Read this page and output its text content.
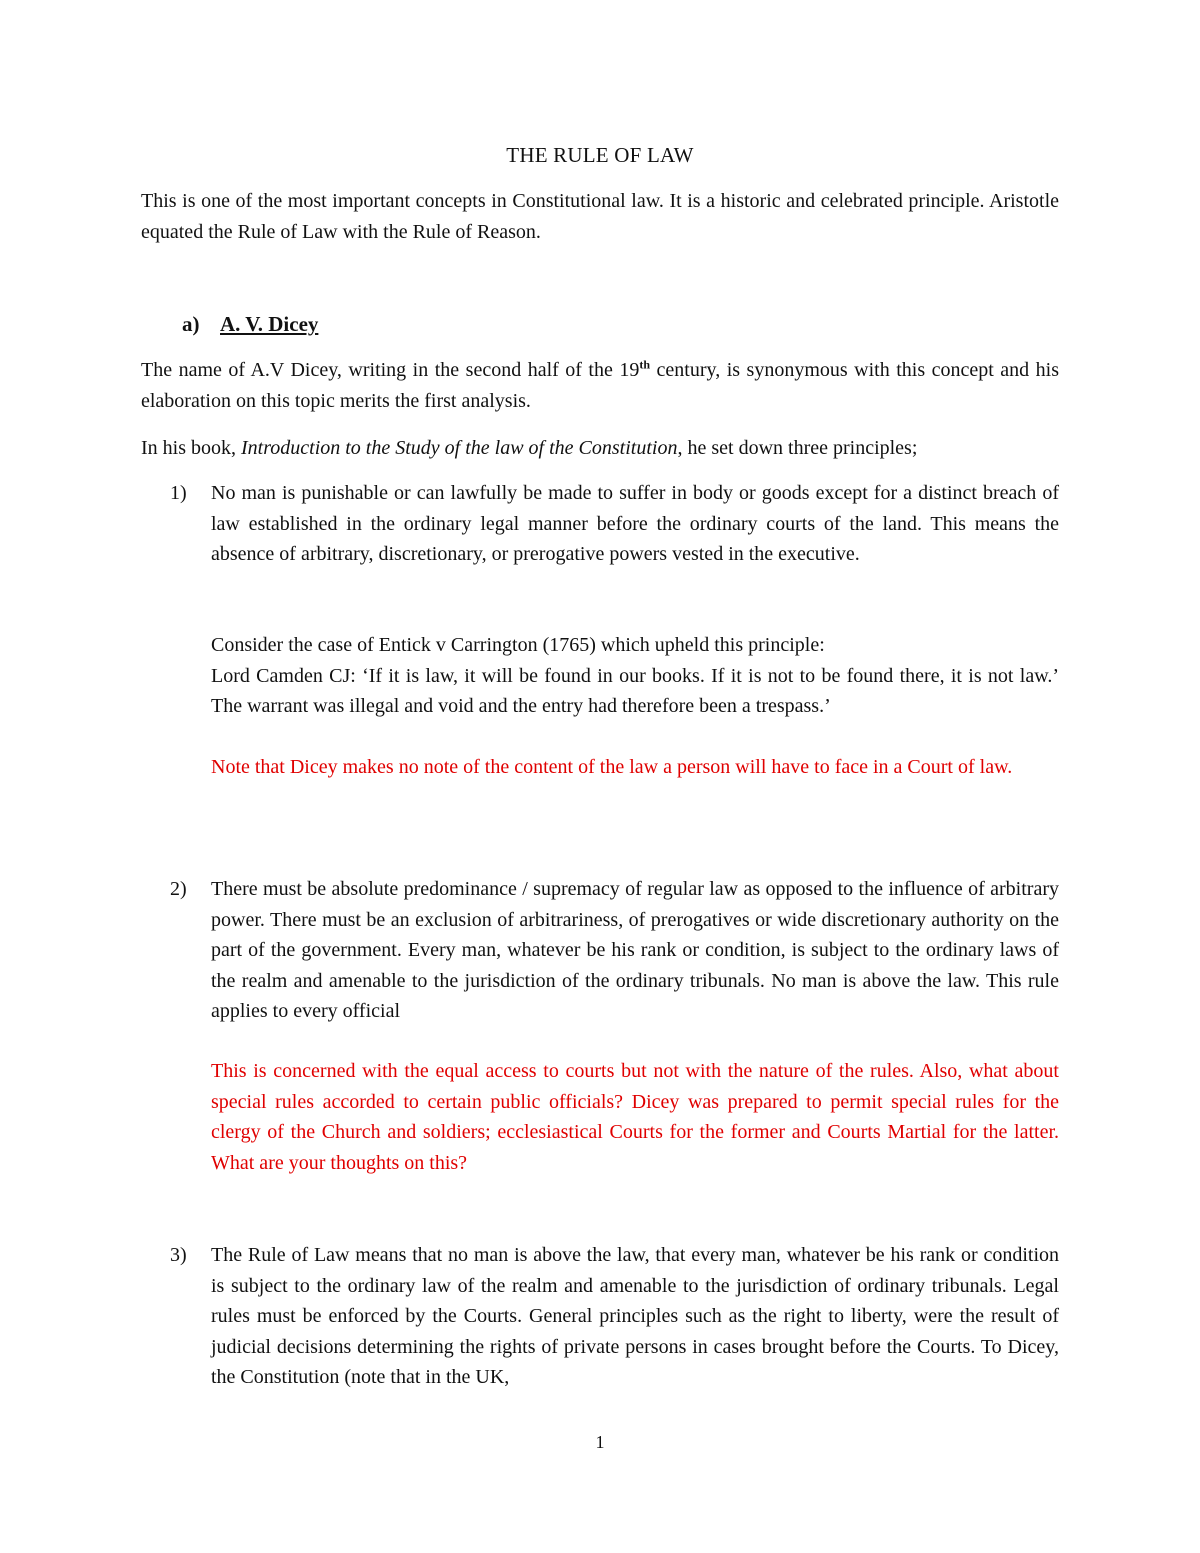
THE RULE OF LAW
This is one of the most important concepts in Constitutional law. It is a historic and celebrated principle. Aristotle equated the Rule of Law with the Rule of Reason.
a) A. V. Dicey
The name of A.V Dicey, writing in the second half of the 19th century, is synonymous with this concept and his elaboration on this topic merits the first analysis.
In his book, Introduction to the Study of the law of the Constitution, he set down three principles;
1)	No man is punishable or can lawfully be made to suffer in body or goods except for a distinct breach of law established in the ordinary legal manner before the ordinary courts of the land. This means the absence of arbitrary, discretionary, or prerogative powers vested in the executive.
Consider the case of Entick v Carrington (1765) which upheld this principle:
Lord Camden CJ: ‘If it is law, it will be found in our books. If it is not to be found there, it is not law.’ The warrant was illegal and void and the entry had therefore been a trespass.’
Note that Dicey makes no note of the content of the law a person will have to face in a Court of law.
2)	There must be absolute predominance / supremacy of regular law as opposed to the influence of arbitrary power. There must be an exclusion of arbitrariness, of prerogatives or wide discretionary authority on the part of the government. Every man, whatever be his rank or condition, is subject to the ordinary laws of the realm and amenable to the jurisdiction of the ordinary tribunals. No man is above the law. This rule applies to every official
This is concerned with the equal access to courts but not with the nature of the rules. Also, what about special rules accorded to certain public officials? Dicey was prepared to permit special rules for the clergy of the Church and soldiers; ecclesiastical Courts for the former and Courts Martial for the latter. What are your thoughts on this?
3)	The Rule of Law means that no man is above the law, that every man, whatever be his rank or condition is subject to the ordinary law of the realm and amenable to the jurisdiction of ordinary tribunals. Legal rules must be enforced by the Courts. General principles such as the right to liberty, were the result of judicial decisions determining the rights of private persons in cases brought before the Courts. To Dicey, the Constitution (note that in the UK,
1
